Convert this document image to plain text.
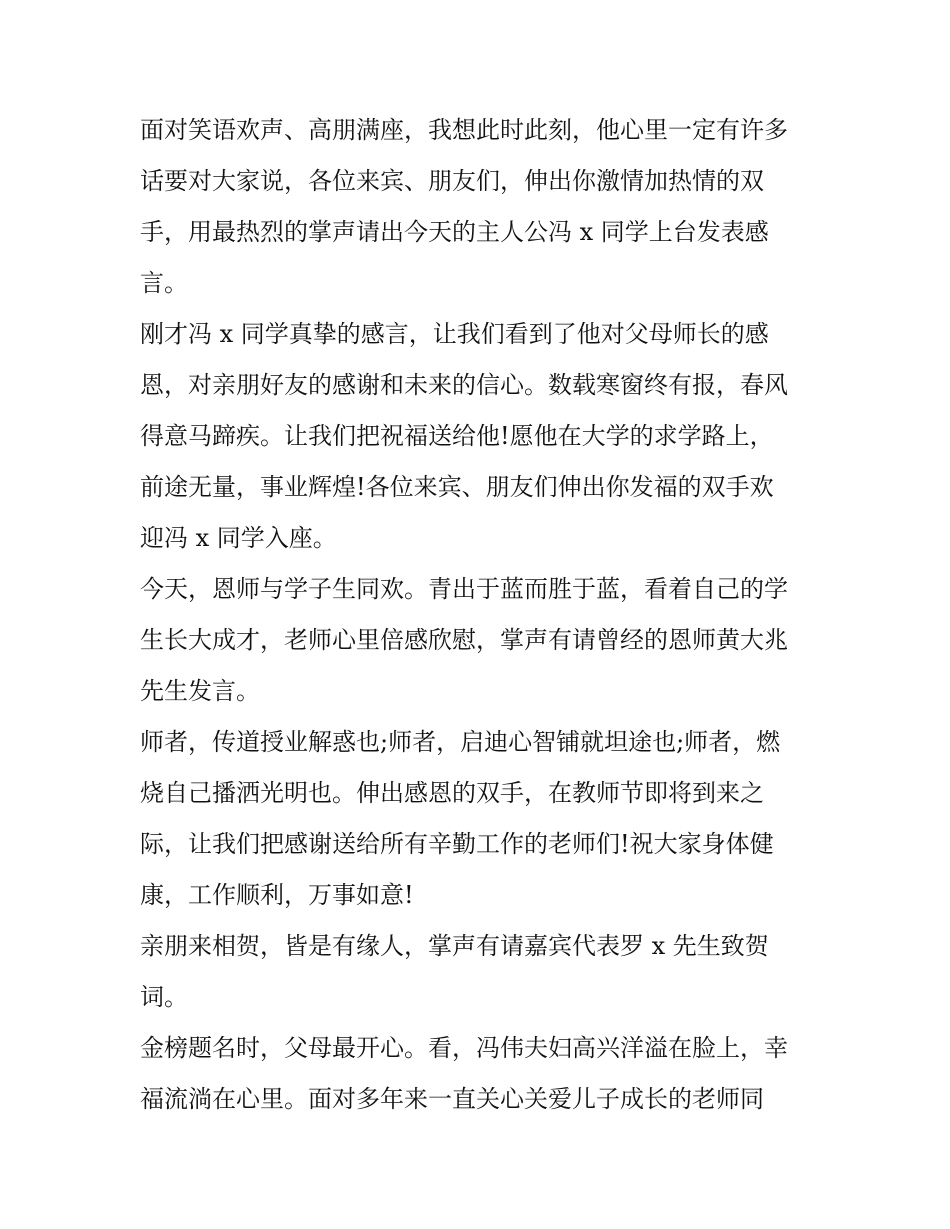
面对笑语欢声、高朋满座，我想此时此刻，他心里一定有许多
话要对大家说，各位来宾、朋友们，伸出你激情加热情的双
手，用最热烈的掌声请出今天的主人公冯 x 同学上台发表感
言。
刚才冯 x 同学真挚的感言，让我们看到了他对父母师长的感
恩，对亲朋好友的感谢和未来的信心。数载寒窗终有报，春风
得意马蹄疾。让我们把祝福送给他!愿他在大学的求学路上，
前途无量，事业辉煌!各位来宾、朋友们伸出你发福的双手欢
迎冯 x 同学入座。
今天，恩师与学子生同欢。青出于蓝而胜于蓝，看着自己的学
生长大成才，老师心里倍感欣慰，掌声有请曾经的恩师黄大兆
先生发言。
师者，传道授业解惑也;师者，启迪心智铺就坦途也;师者，燃
烧自己播洒光明也。伸出感恩的双手，在教师节即将到来之
际，让我们把感谢送给所有辛勤工作的老师们!祝大家身体健
康，工作顺利，万事如意!
亲朋来相贺，皆是有缘人，掌声有请嘉宾代表罗 x 先生致贺
词。
金榜题名时，父母最开心。看，冯伟夫妇高兴洋溢在脸上，幸
福流淌在心里。面对多年来一直关心关爱儿子成长的老师同
